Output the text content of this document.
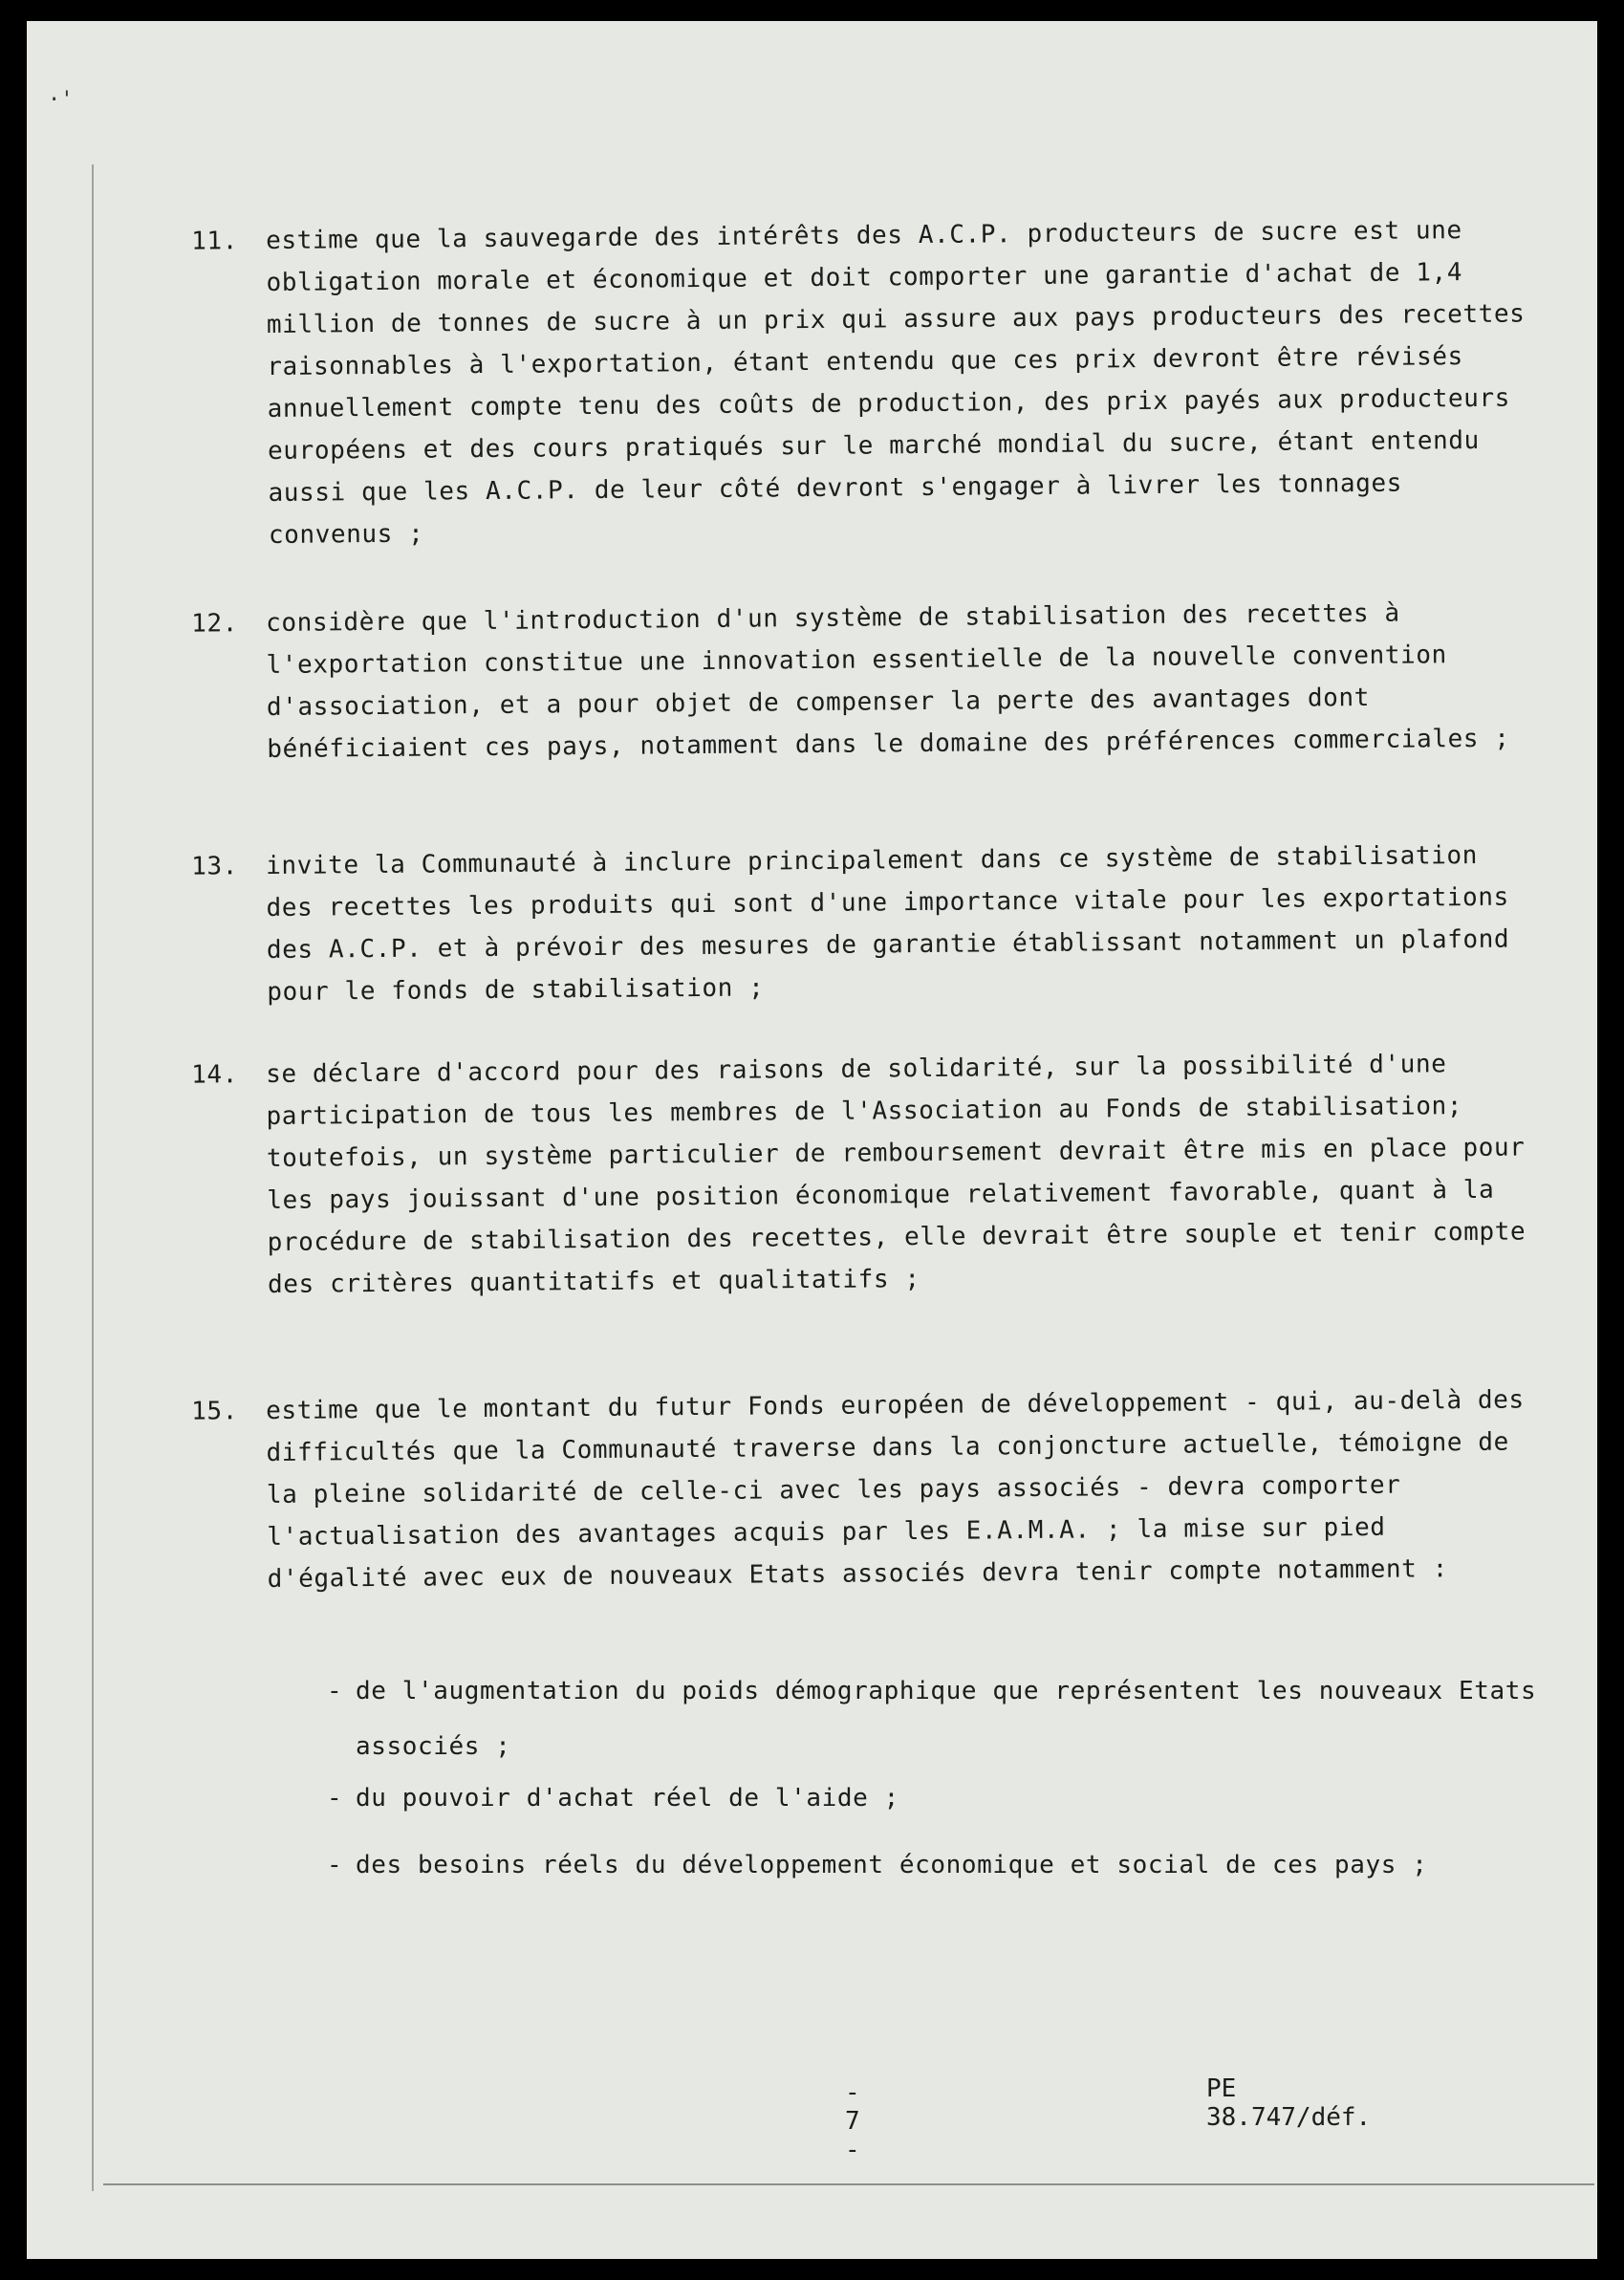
·'
11. estime que la sauvegarde des intérêts des A.C.P. producteurs de sucre est une obligation morale et économique et doit comporter une garantie d'achat de 1,4 million de tonnes de sucre à un prix qui assure aux pays producteurs des recettes raisonnables à l'exportation, étant entendu que ces prix devront être révisés annuellement compte tenu des coûts de production, des prix payés aux producteurs européens et des cours pratiqués sur le marché mondial du sucre, étant entendu aussi que les A.C.P. de leur côté devront s'engager à livrer les tonnages convenus ;
12. considère que l'introduction d'un système de stabilisation des recettes à l'exportation constitue une innovation essentielle de la nouvelle convention d'association, et a pour objet de compenser la perte des avantages dont bénéficiaient ces pays, notamment dans le domaine des préférences commerciales ;
13. invite la Communauté à inclure principalement dans ce système de stabilisation des recettes les produits qui sont d'une importance vitale pour les exportations des A.C.P. et à prévoir des mesures de garantie établissant notamment un plafond pour le fonds de stabilisation ;
14. se déclare d'accord pour des raisons de solidarité, sur la possibilité d'une participation de tous les membres de l'Association au Fonds de stabilisation; toutefois, un système particulier de remboursement devrait être mis en place pour les pays jouissant d'une position économique relativement favorable, quant à la procédure de stabilisation des recettes, elle devrait être souple et tenir compte des critères quantitatifs et qualitatifs ;
15. estime que le montant du futur Fonds européen de développement - qui, au-delà des difficultés que la Communauté traverse dans la conjoncture actuelle, témoigne de la pleine solidarité de celle-ci avec les pays associés - devra comporter l'actualisation des avantages acquis par les E.A.M.A. ; la mise sur pied d'égalité avec eux de nouveaux Etats associés devra tenir compte notamment :
- de l'augmentation du poids démographique que représentent les nouveaux Etats associés ;
- du pouvoir d'achat réel de l'aide ;
- des besoins réels du développement économique et social de ces pays ;
- 7 -
PE 38.747/déf.
